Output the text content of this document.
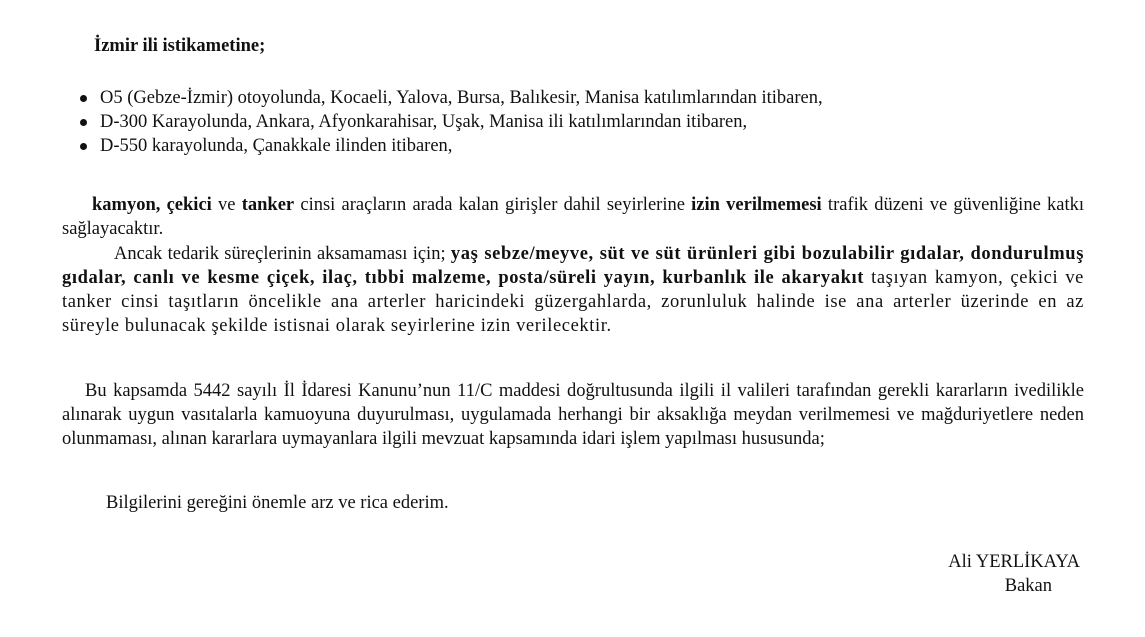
İzmir ili istikametine;

O5 (Gebze-İzmir) otoyolunda, Kocaeli, Yalova, Bursa, Balıkesir, Manisa katılımlarından itibaren,
D-300 Karayolunda, Ankara, Afyonkarahisar, Uşak, Manisa ili katılımlarından itibaren,
D-550 karayolunda, Çanakkale ilinden itibaren,

kamyon, çekici ve tanker cinsi araçların arada kalan girişler dahil seyirlerine izin verilmemesi trafik düzeni ve güvenliğine katkı sağlayacaktır.

Ancak tedarik süreçlerinin aksamaması için; yaş sebze/meyve, süt ve süt ürünleri gibi bozulabilir gıdalar, dondurulmuş gıdalar, canlı ve kesme çiçek, ilaç, tıbbi malzeme, posta/süreli yayın, kurbanlık ile akaryakıt taşıyan kamyon, çekici ve tanker cinsi taşıtların öncelikle ana arterler haricindeki güzergahlarda, zorunluluk halinde ise ana arterler üzerinde en az süreyle bulunacak şekilde istisnai olarak seyirlerine izin verilecektir.

Bu kapsamda 5442 sayılı İl İdaresi Kanunu’nun 11/C maddesi doğrultusunda ilgili il valileri tarafından gerekli kararların ivedilikle alınarak uygun vasıtalarla kamuoyuna duyurulması, uygulamada herhangi bir aksaklığa meydan verilmemesi ve mağduriyetlere neden olunmaması, alınan kararlara uymayanlara ilgili mevzuat kapsamında idari işlem yapılması hususunda;

Bilgilerini gereğini önemle arz ve rica ederim.

Ali YERLİKAYA
Bakan
